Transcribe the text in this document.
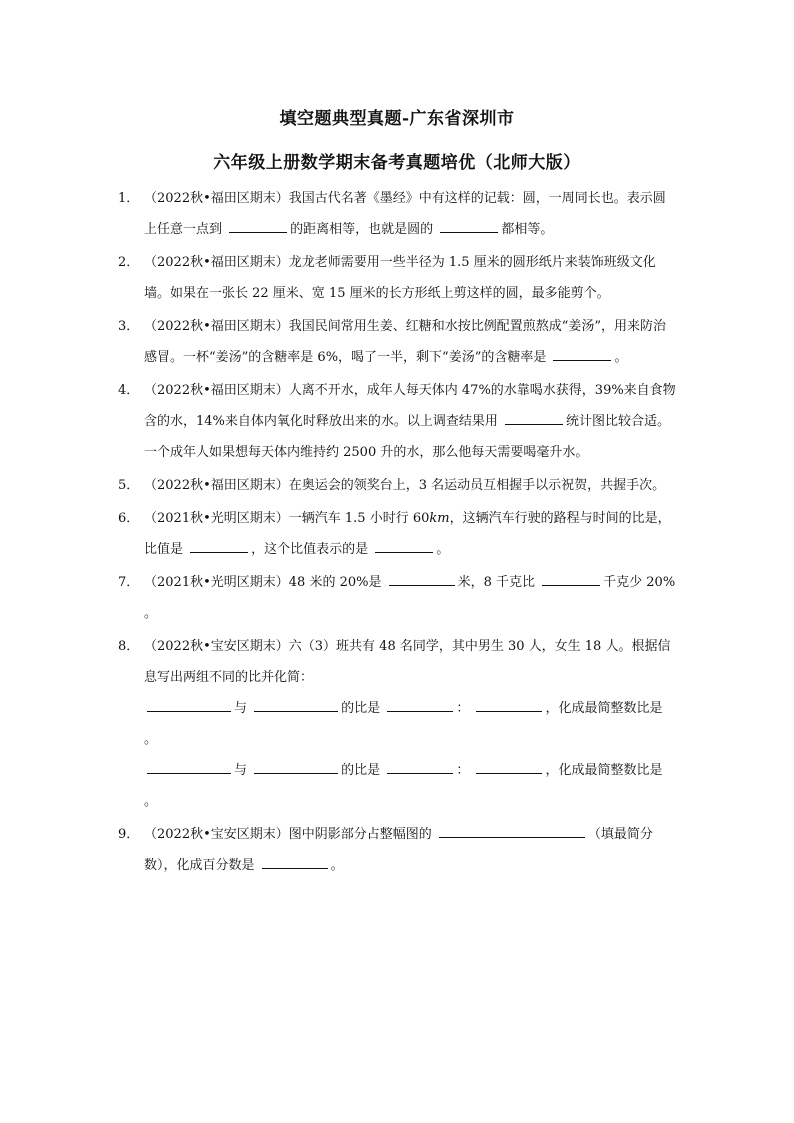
填空题典型真题-广东省深圳市
六年级上册数学期末备考真题培优（北师大版）
1． （2022秋•福田区期末）我国古代名著《墨经》中有这样的记载：圆，一周同长也。表示圆上任意一点到	的距离相等，也就是圆的	都相等。
2． （2022秋•福田区期末）龙龙老师需要用一些半径为 1.5 厘米的圆形纸片来装饰班级文化墙。如果在一张长 22 厘米、宽 15 厘米的长方形纸上剪这样的圆，最多能剪个。
3． （2022秋•福田区期末）我国民间常用生姜、红糖和水按比例配置煎熬成“姜汤”，用来防治感冒。一杯“姜汤”的含糖率是 6%，喝了一半，剩下“姜汤”的含糖率是	。
4． （2022秋•福田区期末）人离不开水，成年人每天体内 47%的水靠喝水获得，39%来自食物含的水，14%来自体内氧化时释放出来的水。以上调查结果用	统计图比较合适。一个成年人如果想每天体内维持约 2500 升的水，那么他每天需要喝毫升水。
5． （2022秋•福田区期末）在奥运会的领奖台上，3 名运动员互相握手以示祝贺，共握手次。
6． （2021秋•光明区期末）一辆汽车 1.5 小时行 60km，这辆汽车行驶的路程与时间的比是，比值是	，这个比值表示的是	。
7． （2021秋•光明区期末）48 米的 20%是	米，8 千克比	千克少 20%
。
8． （2022秋•宝安区期末）六（3）班共有 48 名同学，其中男生 30 人，女生 18 人。根据信息写出两组不同的比并化简：
与	的比是	：	，化成最简整数比是
。
与	的比是	：	，化成最简整数比是
。
9． （2022秋•宝安区期末）图中阴影部分占整幅图的	（填最简分数），化成百分数是	。
